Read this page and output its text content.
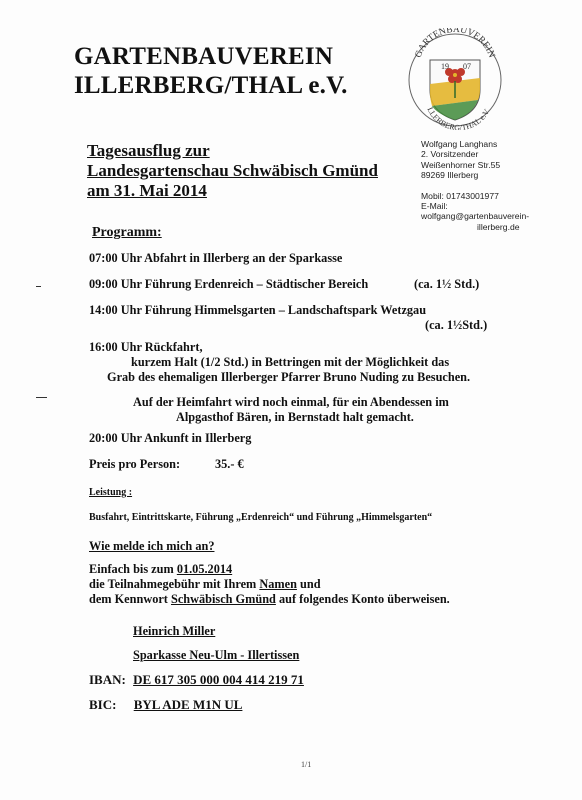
GARTENBAUVEREIN
ILLERBERG/THAL e.V.
GARTENBAUVEREIN
19 07
LLERBERG/THAL e.V
Tagesausflug zur
Landesgartenschau Schwäbisch Gmünd
am 31. Mai 2014
Wolfgang Langhans
2. Vorsitzender
Weißenhorner Str.55
89269 Illerberg
Mobil: 01743001977
E-Mail:
wolfgang@gartenbauverein-
illerberg.de
Programm:
07:00 Uhr Abfahrt in Illerberg an der Sparkasse
09:00 Uhr Führung Erdenreich – Städtischer Bereich	(ca. 1½ Std.)
14:00 Uhr Führung Himmelsgarten – Landschaftspark Wetzgau
(ca. 1½Std.)
16:00 Uhr Rückfahrt,
kurzem Halt (1/2 Std.) in Bettringen mit der Möglichkeit das
Grab des ehemaligen Illerberger Pfarrer Bruno Nuding zu Besuchen.
Auf der Heimfahrt wird noch einmal, für ein Abendessen im
Alpgasthof Bären, in Bernstadt halt gemacht.
20:00 Uhr Ankunft in Illerberg
Preis pro Person:	35.- €
Leistung :
Busfahrt, Eintrittskarte, Führung „Erdenreich“ und Führung „Himmelsgarten“
Wie melde ich mich an?
Einfach bis zum 01.05.2014
die Teilnahmegebühr mit Ihrem Namen und
dem Kennwort Schwäbisch Gmünd auf folgendes Konto überweisen.
Heinrich Miller
Sparkasse Neu-Ulm - Illertissen
IBAN: DE 617 305 000 004 414 219 71
BIC: BYL ADE M1N UL
1/1
